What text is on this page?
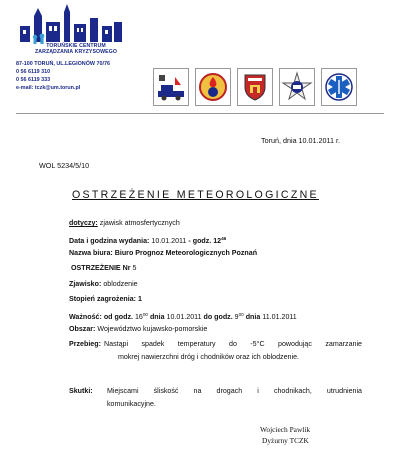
TORUŃSKIE CENTRUM
ZARZĄDZANIA KRYZYSOWEGO
87-100 TORUŃ, UL.LEGIONÓW 70/76
0 56 6119 310
0 56 6119 333
e-mail: tczk@um.torun.pl
Toruń, dnia 10.01.2011 r.
WOL 5234/5/10
OSTRZEŻENIE METEOROLOGICZNE
dotyczy: zjawisk atmosfertycznych
Data i godzina wydania: 10.01.2011 - godz. $12^{46}$
Nazwa biura: Biuro Prognoz Meteorologicznych Poznań
OSTRZEŻENIE Nr 5
Zjawisko: oblodzenie
Stopień zagrożenia: 1
Ważność: od godz. $16^{00}$ dnia 10.01.2011 do godz. $9^{00}$ dnia 11.01.2011
Obszar: Województwo kujawsko-pomorskie
Przebieg: Nastąpi spadek temperatury do -5°C powodując zamarzanie
mokrej nawierzchni dróg i chodników oraz ich oblodzenie.
Skutki: Miejscami śliskość na drogach i chodnikach, utrudnienia
komunikacyjne.
Wojciech Pawlik
Dyżurny TCZK
